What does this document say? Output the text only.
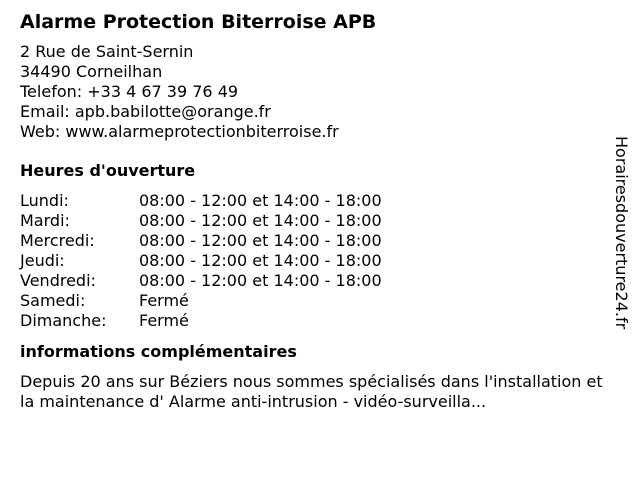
Alarme Protection Biterroise APB
2 Rue de Saint-Sernin
34490 Corneilhan
Telefon: +33 4 67 39 76 49
Email: apb.babilotte@orange.fr
Web: www.alarmeprotectionbiterroise.fr
Heures d'ouverture
Lundi:	08:00 - 12:00 et 14:00 - 18:00
Mardi:	08:00 - 12:00 et 14:00 - 18:00
Mercredi:	08:00 - 12:00 et 14:00 - 18:00
Jeudi:	08:00 - 12:00 et 14:00 - 18:00
Vendredi:	08:00 - 12:00 et 14:00 - 18:00
Samedi:	Fermé
Dimanche:	Fermé
informations complémentaires
Depuis 20 ans sur Béziers nous sommes spécialisés dans l'installation et la maintenance d' Alarme anti-intrusion - vidéo-surveilla...
Horairesdouverture24.fr
